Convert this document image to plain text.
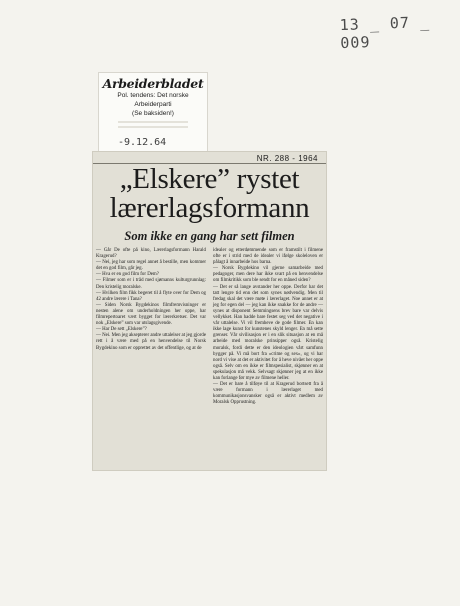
13 _ 07 _ 009
Arbeiderbladet
Pol. tendens: Det norske
Arbeiderparti
(Se baksiden!)
-9.12.64
NR. 288 - 1964
„Elskere” rystet
lærerlagsformann
Som ikke en gang har sett filmen

— Går De ofte på kino, Lærerlagsformann Harald Kragerud?

— Nei, jeg har som regel annet å bestille, men kommer det en god film, går jeg.

— Hva er en god film for Dem?

— Filmer som er i tråd med sjømanns kulturgrunnlag: Den kristelig moralske.

— Hvilken film fikk begeret til å flyte over for Dem og 42 andre lærere i Tana?

— Siden Norsk Bygdekinos filmfremvisninger er nesten alene om underholdningen her oppe, har filmrepertoaret vært bygget for lærerkretser. Det var nok „Elskere” som var utslagsgivende.

— Har De sett „Elskere”?

— Nei. Men jeg aksepterer andre uttalelser at jeg gjorde rett i å være med på en henvendelse til Norsk Bygdekino som er opprettet av det offentlige, og at de

idealer og etterdømmende som er framstilt i filmene ofte er i strid med de idealer vi ifølge skoleloven er pålagt å innarbeide hos barna.

— Norsk Bygdekino vil gjerne samarbeide med pedagoger, men dere har ikke svart på en henvendelse om filmkritikk som ble sendt for en måned siden?

— Det er så lange avstander her oppe. Derfor har det tatt lengre tid enn det som synes nødvendig. Men til fredag skal det være møte i lærerlaget. Noe annet er at jeg for egen del — jeg kan ikke snakke for de andre — synes at disponent Semmingsens brev bare var delvis vellykket. Han hadde bare festet seg ved det negative i vår uttalelse. Vi vil fremheve de gode filmer. En kan ikke lage kunst for kunstenes skyld lenger. En må sette grenser. Vår sivilisasjon er i en slik situasjon at en må arbeide med moralske prinsipper også. Kristelig moralsk, fordi dette er den ideologien vårt samfunn bygger på. Vi må bort fra «crime og sex», og vi har nord vi vise at det er aktivitet for å heve nivået her oppe også. Selv om en ikke er filmspesialist, skjønner en at spekulasjon må vekk. Selvsagt skjønner jeg at en ikke kan forlange før mye av filmene heller.

— Det er bare å tilføye til at Kragerud bortsett fra å være formann i lærerlaget med kommunikasjonsvansker også er aktivt medlem av Moralsk Opprustning.
